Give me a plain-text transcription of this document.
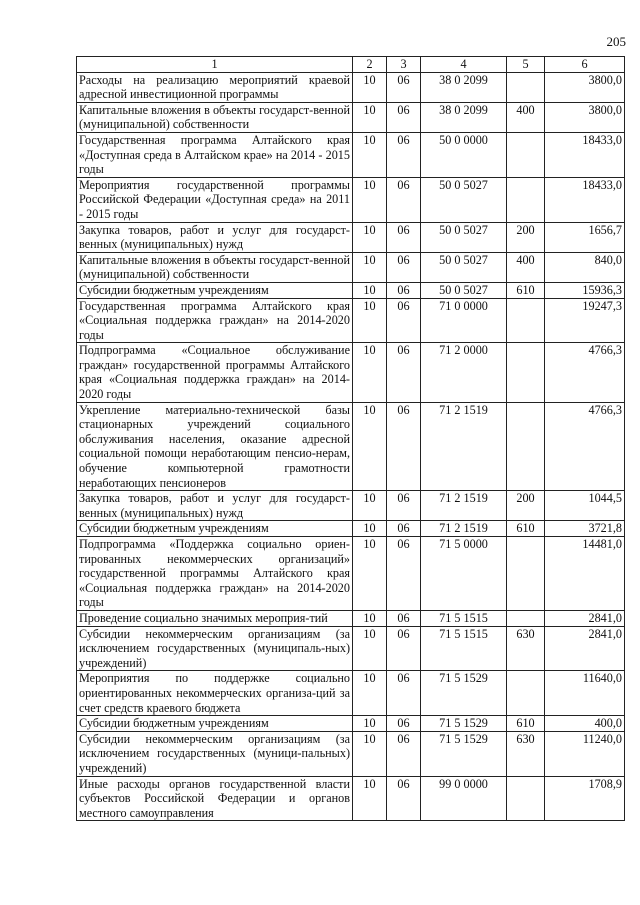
205
1	2	3	4	5	6
Расходы на реализацию мероприятий краевой адресной инвестиционной программы	10	06	38 0 2099		3800,0
Капитальные вложения в объекты государст-венной (муниципальной) собственности	10	06	38 0 2099	400	3800,0
Государственная программа Алтайского края «Доступная среда в Алтайском крае» на 2014 - 2015 годы	10	06	50 0 0000		18433,0
Мероприятия государственной программы Российской Федерации «Доступная среда» на 2011 - 2015 годы	10	06	50 0 5027		18433,0
Закупка товаров, работ и услуг для государст-венных (муниципальных) нужд	10	06	50 0 5027	200	1656,7
Капитальные вложения в объекты государст-венной (муниципальной) собственности	10	06	50 0 5027	400	840,0
Субсидии бюджетным учреждениям	10	06	50 0 5027	610	15936,3
Государственная программа Алтайского края «Социальная поддержка граждан» на 2014-2020 годы	10	06	71 0 0000		19247,3
Подпрограмма «Социальное обслуживание граждан» государственной программы Алтайского края «Социальная поддержка граждан» на 2014-2020 годы	10	06	71 2 0000		4766,3
Укрепление материально-технической базы стационарных учреждений социального обслуживания населения, оказание адресной социальной помощи неработающим пенсио-нерам, обучение компьютерной грамотности неработающих пенсионеров	10	06	71 2 1519		4766,3
Закупка товаров, работ и услуг для государст-венных (муниципальных) нужд	10	06	71 2 1519	200	1044,5
Субсидии бюджетным учреждениям	10	06	71 2 1519	610	3721,8
Подпрограмма «Поддержка социально ориен-тированных некоммерческих организаций» государственной программы Алтайского края «Социальная поддержка граждан» на 2014-2020 годы	10	06	71 5 0000		14481,0
Проведение социально значимых мероприя-тий	10	06	71 5 1515		2841,0
Субсидии некоммерческим организациям (за исключением государственных (муниципаль-ных) учреждений)	10	06	71 5 1515	630	2841,0
Мероприятия по поддержке социально ориентированных некоммерческих организа-ций за счет средств краевого бюджета	10	06	71 5 1529		11640,0
Субсидии бюджетным учреждениям	10	06	71 5 1529	610	400,0
Субсидии некоммерческим организациям (за исключением государственных (муници-пальных) учреждений)	10	06	71 5 1529	630	11240,0
Иные расходы органов государственной власти субъектов Российской Федерации и органов местного самоуправления	10	06	99 0 0000		1708,9
